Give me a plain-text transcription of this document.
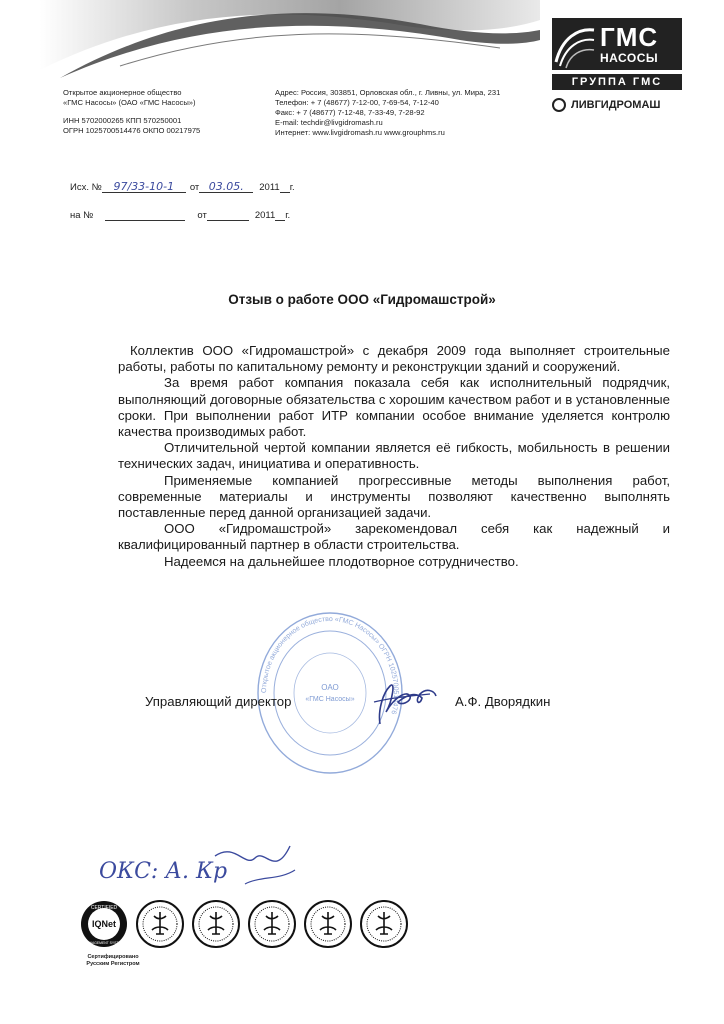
ГМС
НАСОСЫ
ГРУППА ГМС
ЛИВГИДРОМАШ
Открытое акционерное общество
«ГМС Насосы» (ОАО «ГМС Насосы»)
ИНН 5702000265 КПП 570250001
ОГРН 1025700514476 ОКПО 00217975
Адрес: Россия, 303851, Орловская обл., г. Ливны, ул. Мира, 231
Телефон: + 7 (48677) 7-12-00, 7-69-54, 7-12-40
Факс: + 7 (48677) 7-12-48, 7-33-49, 7-28-92
E-mail: techdir@livgidromash.ru
Интернет: www.livgidromash.ru www.grouphms.ru
Исх. №	97/33-10-1	от 03.05.	2011 г.
на №	от	2011 г.
Отзыв о работе ООО «Гидромашстрой»

Коллектив ООО «Гидромашстрой» с декабря 2009 года выполняет строительные работы, работы по капитальному ремонту и реконструкции зданий и сооружений.

За время работ компания показала себя как исполнительный подрядчик, выполняющий договорные обязательства с хорошим качеством работ и в установленные сроки. При выполнении работ ИТР компании особое внимание уделяется контролю качества производимых работ.

Отличительной чертой компании является её гибкость, мобильность в решении технических задач, инициатива и оперативность.

Применяемые компанией прогрессивные методы выполнения работ, современные материалы и инструменты позволяют качественно выполнять поставленные перед данной организацией задачи.

ООО «Гидромашстрой» зарекомендовал себя как надежный и квалифицированный партнер в области строительства.

Надеемся на дальнейшее плодотворное сотрудничество.

Открытое акционерное общество «ГМС Насосы» ОГРН 1025700514476
ОАО
«ГМС Насосы»
Управляющий директор	А.Ф. Дворядкин
ОКС: А. Кр
CERTIFIED
IQNet
MANAGEMENT SYSTEM
Сертифицировано
Русским Регистром
